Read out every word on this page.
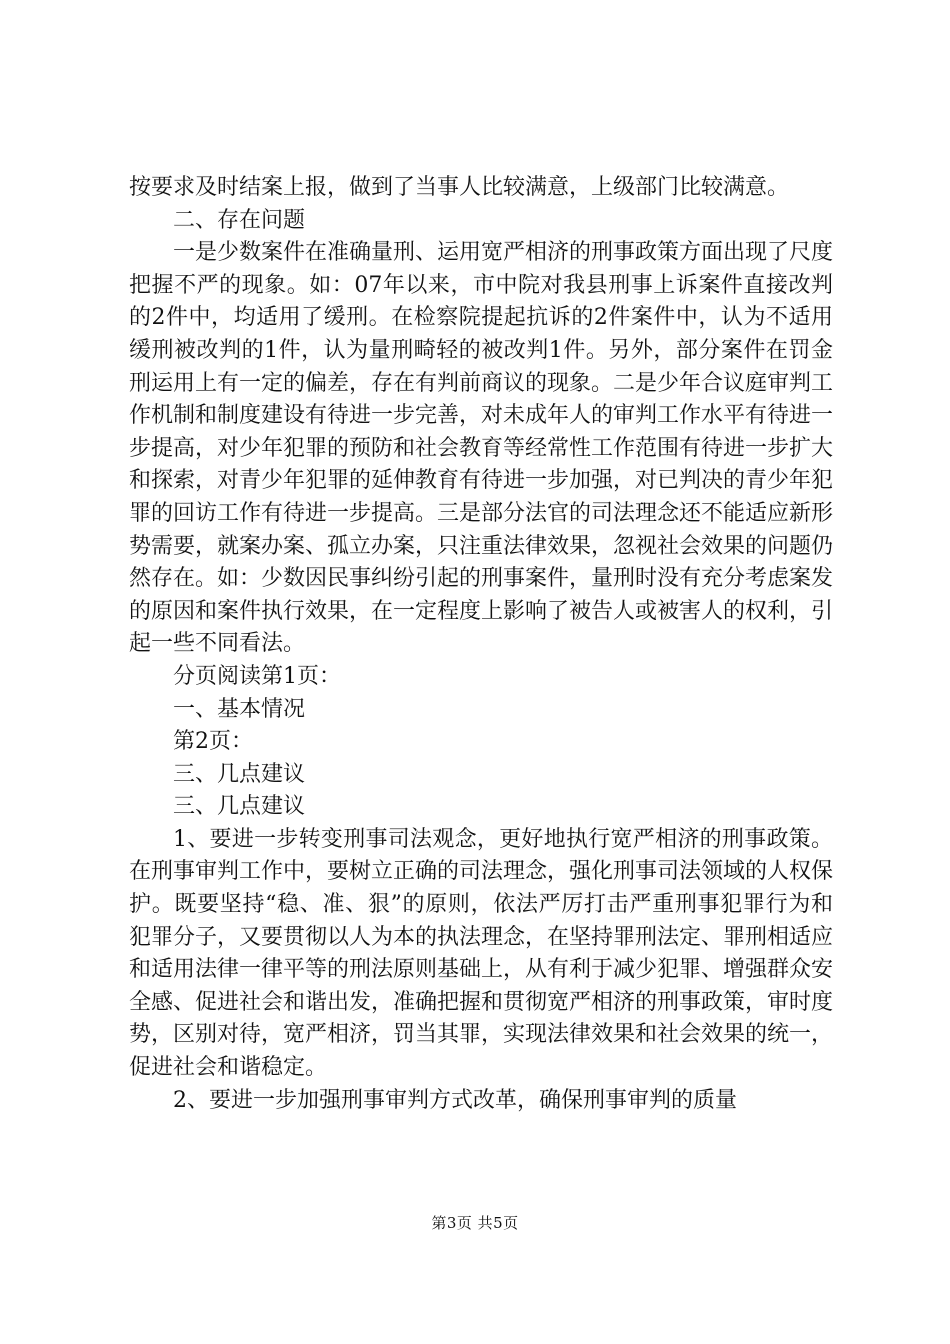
按要求及时结案上报，做到了当事人比较满意，上级部门比较满意。

二、存在问题

一是少数案件在准确量刑、运用宽严相济的刑事政策方面出现了尺度把握不严的现象。如：07年以来，市中院对我县刑事上诉案件直接改判的2件中，均适用了缓刑。在检察院提起抗诉的2件案件中，认为不适用缓刑被改判的1件，认为量刑畸轻的被改判1件。另外，部分案件在罚金刑运用上有一定的偏差，存在有判前商议的现象。二是少年合议庭审判工作机制和制度建设有待进一步完善，对未成年人的审判工作水平有待进一步提高，对少年犯罪的预防和社会教育等经常性工作范围有待进一步扩大和探索，对青少年犯罪的延伸教育有待进一步加强，对已判决的青少年犯罪的回访工作有待进一步提高。三是部分法官的司法理念还不能适应新形势需要，就案办案、孤立办案，只注重法律效果，忽视社会效果的问题仍然存在。如：少数因民事纠纷引起的刑事案件，量刑时没有充分考虑案发的原因和案件执行效果，在一定程度上影响了被告人或被害人的权利，引起一些不同看法。

分页阅读第1页：

一、基本情况

第2页：

三、几点建议

三、几点建议

1、要进一步转变刑事司法观念，更好地执行宽严相济的刑事政策。在刑事审判工作中，要树立正确的司法理念，强化刑事司法领域的人权保护。既要坚持“稳、准、狠”的原则，依法严厉打击严重刑事犯罪行为和犯罪分子，又要贯彻以人为本的执法理念，在坚持罪刑法定、罪刑相适应和适用法律一律平等的刑法原则基础上，从有利于减少犯罪、增强群众安全感、促进社会和谐出发，准确把握和贯彻宽严相济的刑事政策，审时度势，区别对待，宽严相济，罚当其罪，实现法律效果和社会效果的统一，促进社会和谐稳定。

2、要进一步加强刑事审判方式改革，确保刑事审判的质量

第3页 共5页
